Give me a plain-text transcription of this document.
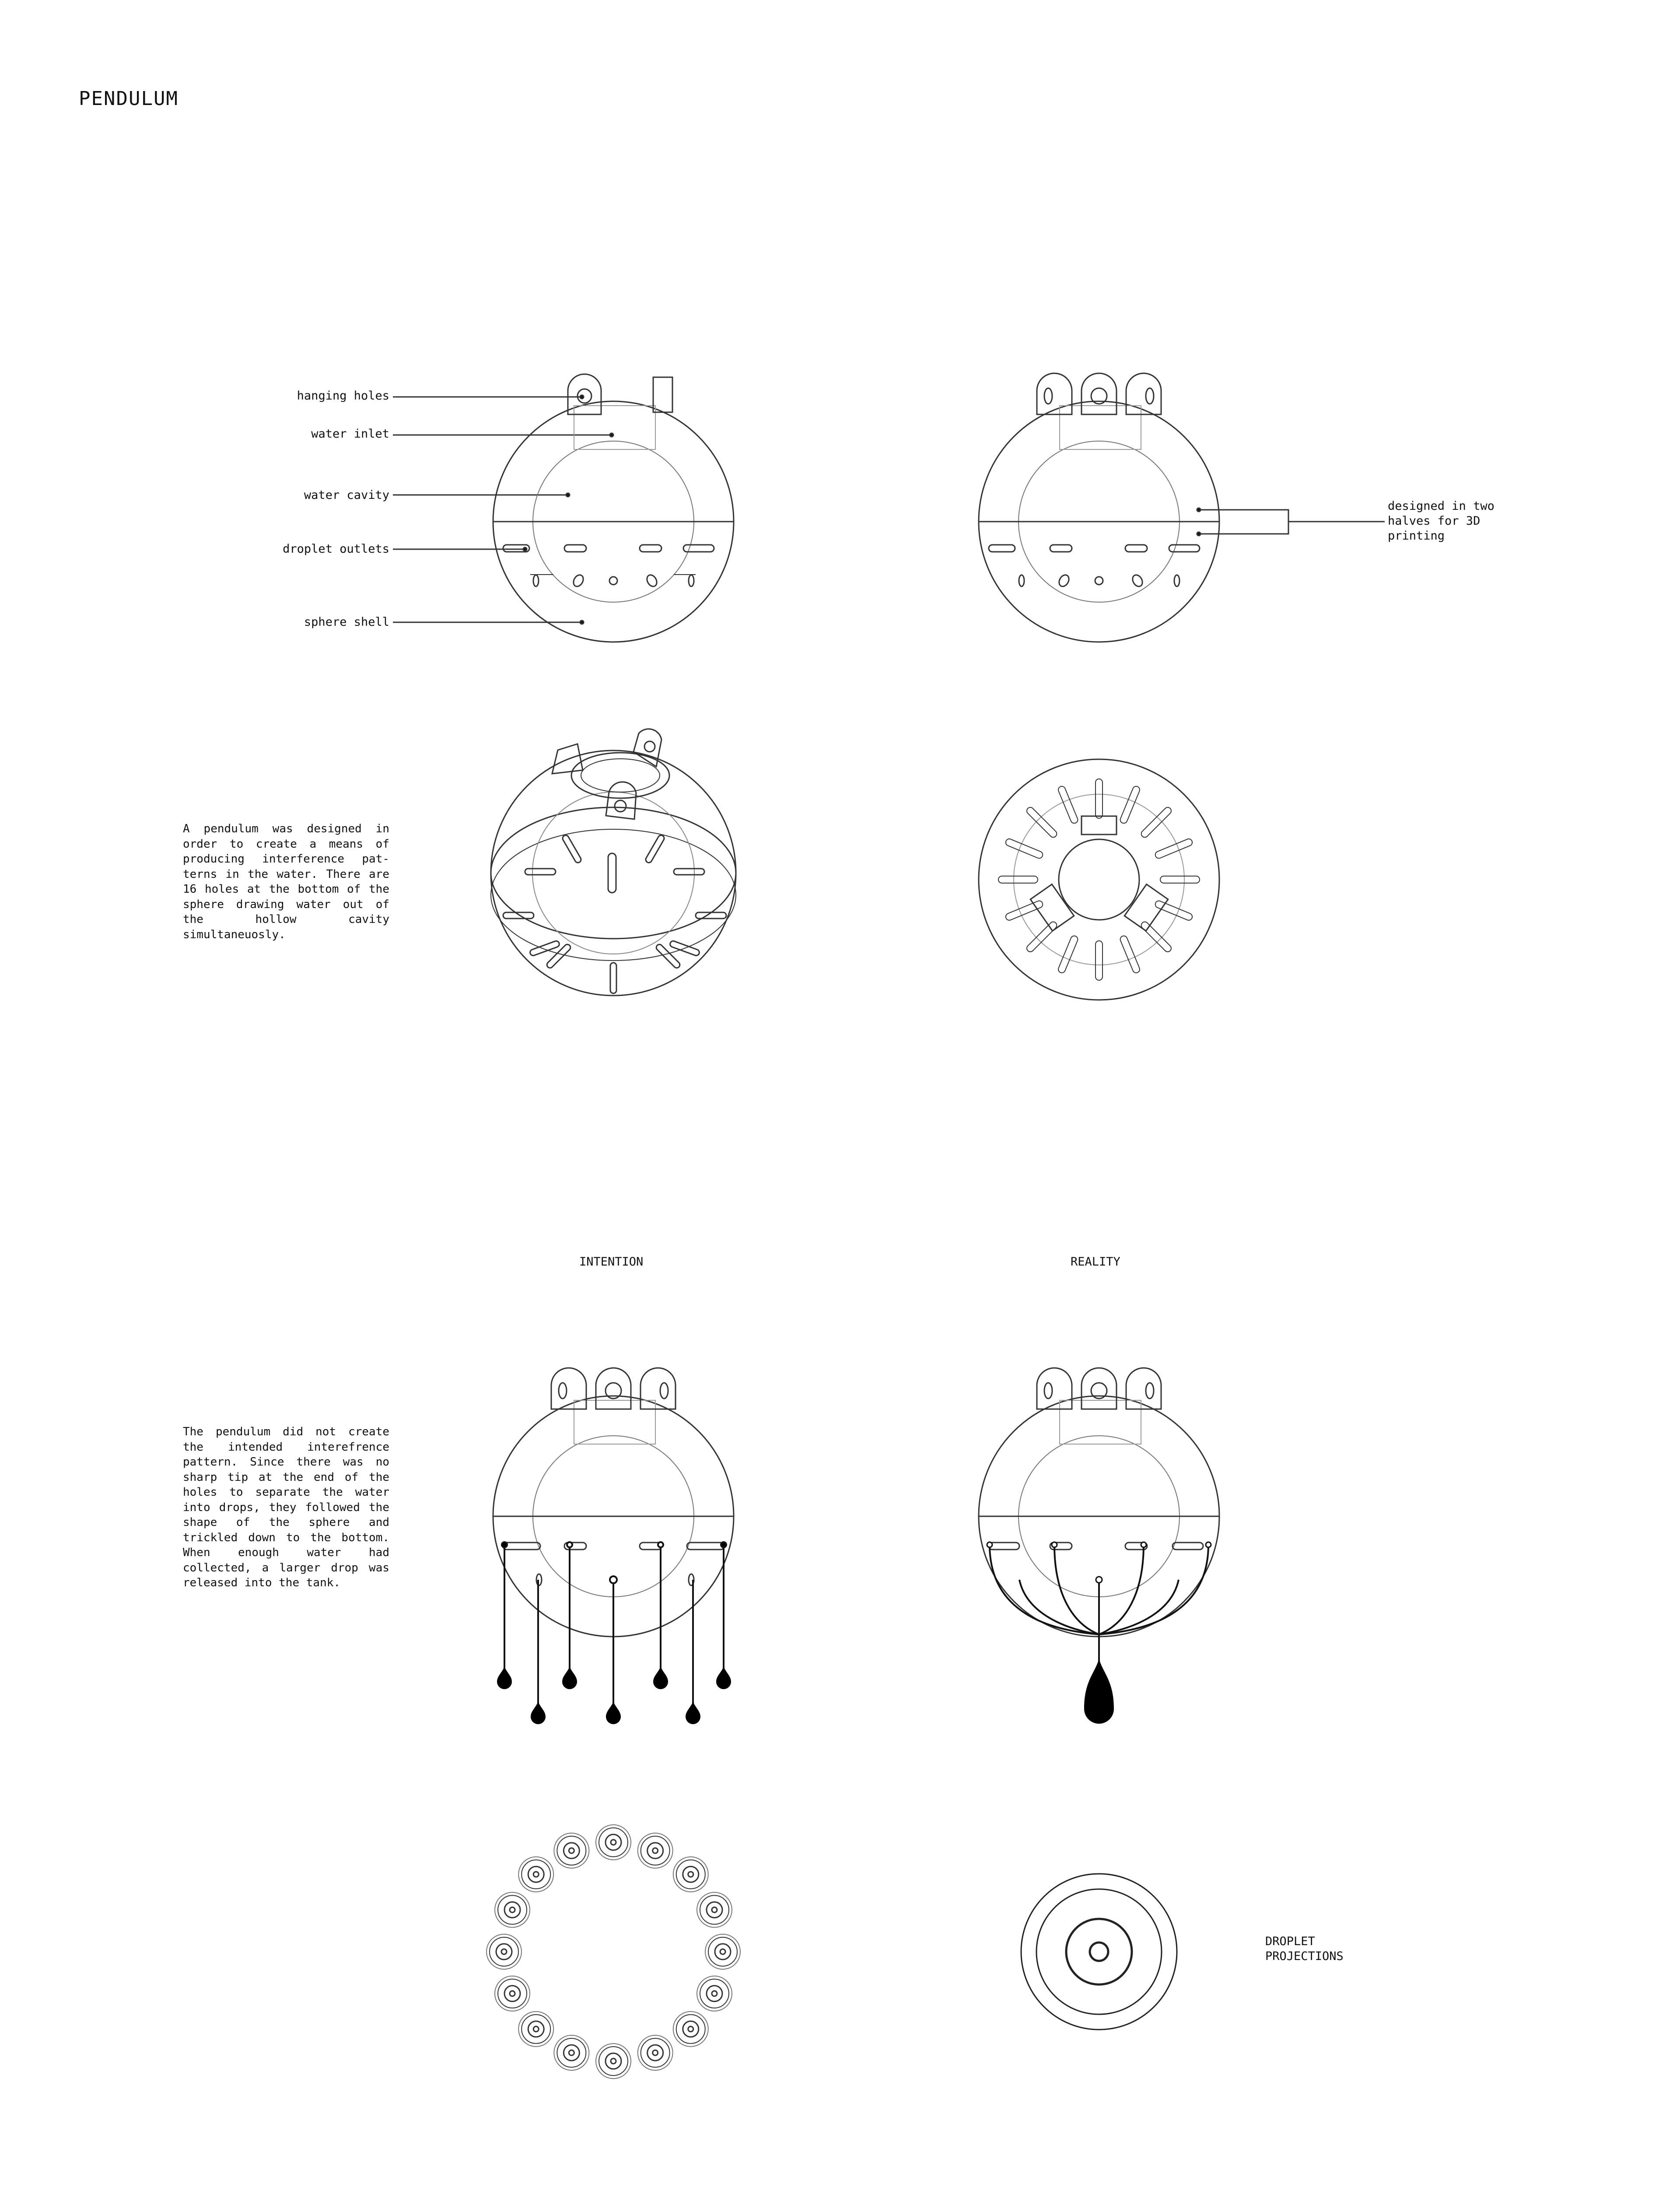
PENDULUM
hanging holes
water inlet
water cavity
droplet outlets
sphere shell
designed in two
halves for 3D
printing
A pendulum was designed in order to create a means of producing interference pat-terns in the water. There are 16 holes at the bottom of the sphere drawing water out of the hollow cavity simultaneuosly.
The pendulum did not create the intended interefrence pattern. Since there was no sharp tip at the end of the holes to separate the water into drops, they followed the shape of the sphere and trickled down to the bottom. When enough water had collected, a larger drop was released into the tank.
INTENTION	REALITY
DROPLET
PROJECTIONS
